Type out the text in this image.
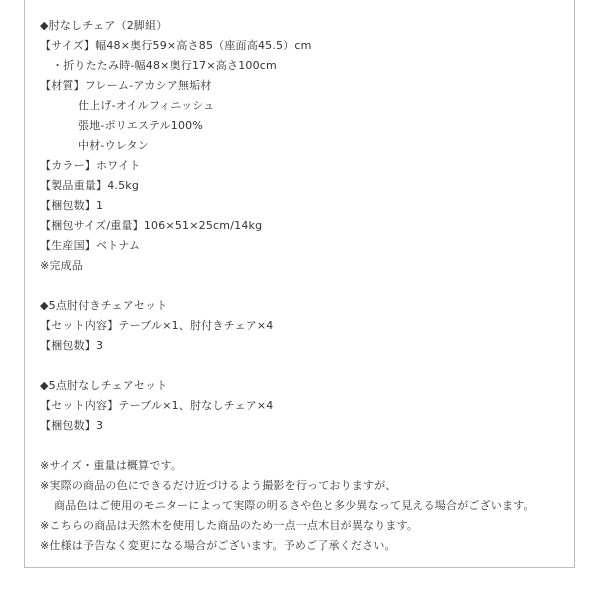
◆肘なしチェア（2脚組）
【サイズ】幅48×奥行59×高さ85（座面高45.5）cm
・折りたたみ時-幅48×奥行17×高さ100cm
【材質】フレーム-アカシア無垢材
仕上げ-オイルフィニッシュ
張地-ポリエステル100%
中材-ウレタン
【カラー】ホワイト
【製品重量】4.5kg
【梱包数】1
【梱包サイズ/重量】106×51×25cm/14kg
【生産国】ベトナム
※完成品
◆5点肘付きチェアセット
【セット内容】テーブル×1、肘付きチェア×4
【梱包数】3
◆5点肘なしチェアセット
【セット内容】テーブル×1、肘なしチェア×4
【梱包数】3
※サイズ・重量は概算です。
※実際の商品の色にできるだけ近づけるよう撮影を行っておりますが、
商品色はご使用のモニターによって実際の明るさや色と多少異なって見える場合がございます。
※こちらの商品は天然木を使用した商品のため一点一点木目が異なります。
※仕様は予告なく変更になる場合がございます。予めご了承ください。
